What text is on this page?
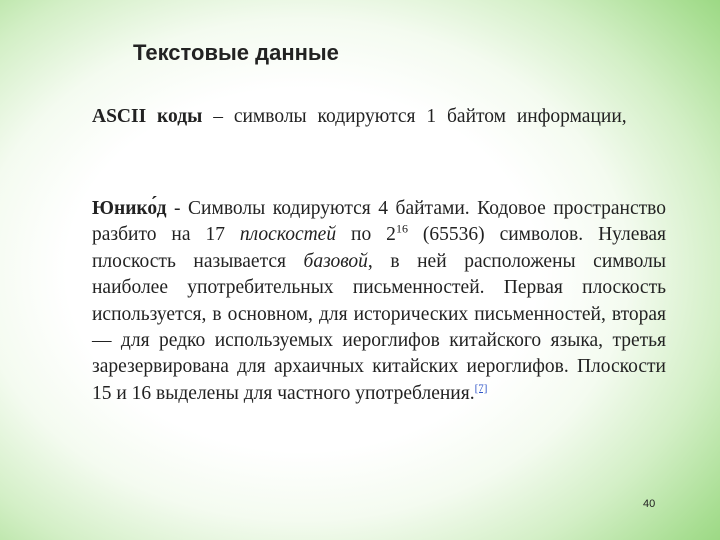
Текстовые данные

ASCII коды – символы кодируются 1 байтом информации,

Юнико́д - Символы кодируются 4 байтами. Кодовое пространство разбито на 17 плоскостей по $2^{16}$ (65536) символов. Нулевая плоскость называется базовой, в ней расположены символы наиболее употребительных письменностей. Первая плоскость используется, в основном, для исторических письменностей, вторая — для редко используемых иероглифов китайского языка, третья зарезервирована для архаичных китайских иероглифов. Плоскости 15 и 16 выделены для частного употребления.[7]

40
